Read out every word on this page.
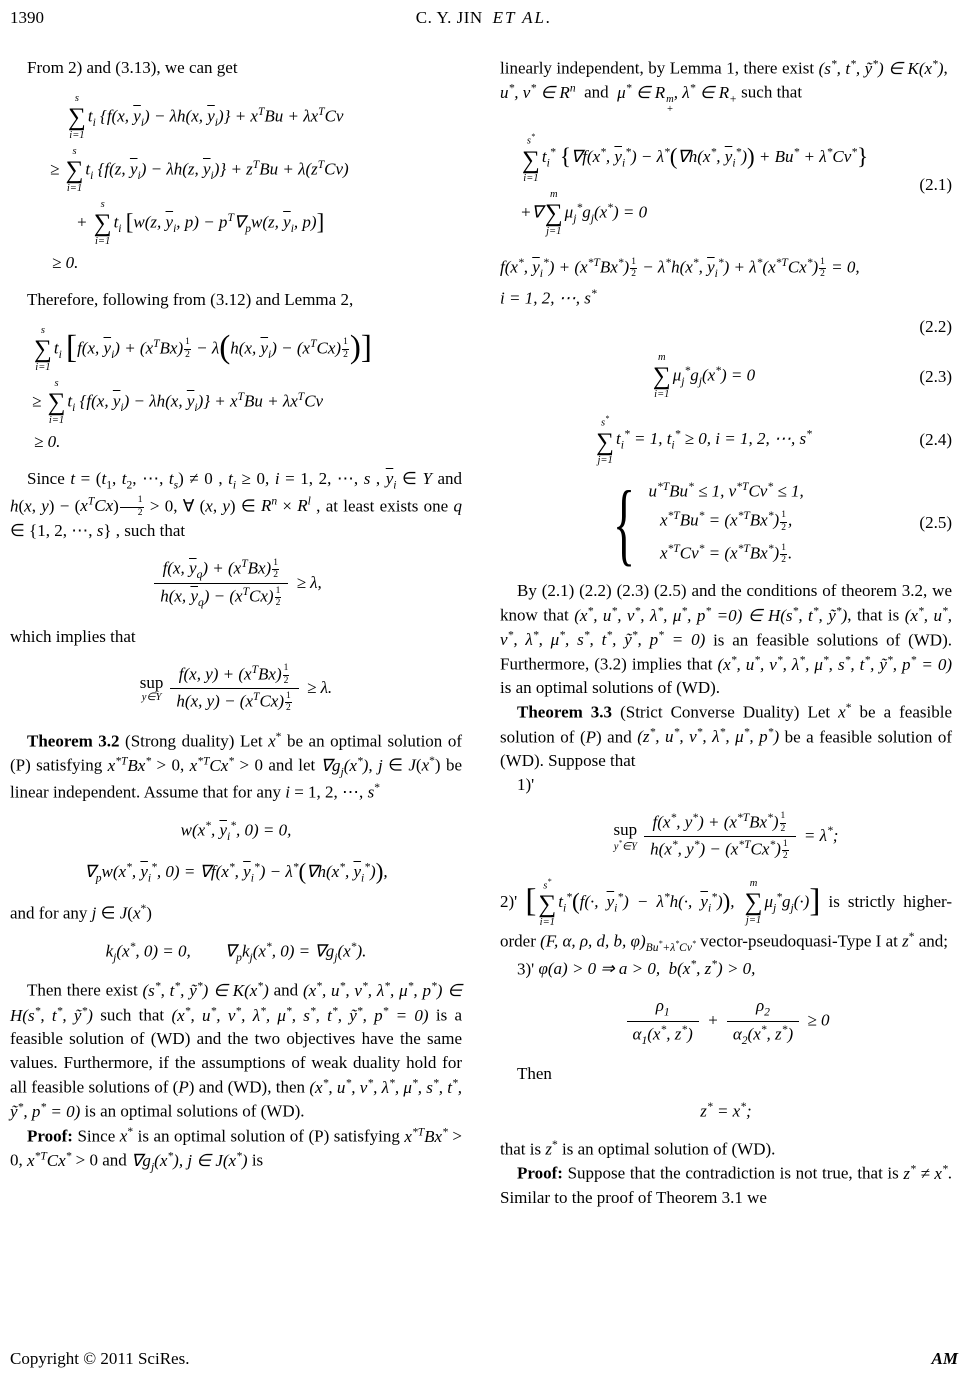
1390	C. Y. JIN ET AL.

From 2) and (3.13), we can get

s
∑
i=1
$t_i$ {f(x, $\overline{y}_i) - \lambda h(x$, $\overline{y}_i)\} + x^TBu + \lambda x^TCv$
≥
s
∑
i=1
$t_i$ {f(z, $\overline{y}_i) - \lambda h(z$, $\overline{y}_i)\} + z^TBu + \lambda(z^TCv)$
+
s
∑
i=1
$t_i$ [w(z, $\overline{y}_i$, $p) - p^T\nabla_pw(z$, $\overline{y}_i$, p)]
≥ 0.

Therefore, following from (3.12) and Lemma 2,

s
∑
i=1
$t_i$ [f(x, $\overline{y}_i) + (x^TBx) \frac{1}{2} - \lambda(h(x$, $\overline{y}_i) - (x^TCx) \frac{1}{2}$ )]
≥
s
∑
i=1
$t_i$ {f(x, $\overline{y}_i) - \lambda h(x$, $\overline{y}_i)\} + x^TBu + \lambda x^TCv$
≥ 0.

Since $t = (t_1$, $t_2$, ⋯, $t_s) \ne 0$ , $t_i \ge 0$, i = 1, 2, ⋯, s , $\overline{y}_i$ ∈ Y and h(x, $y) - (x^TCx) \frac{1}{2} > 0$, ∀ (x, y) ∈ $R^n \times R^l$ , at least exists one q ∈ {1, 2, ⋯, s} , such that

$\frac{f(x, \overline{y}_q) + (x^TBx) \frac{1}{2}}{h(x, \overline{y}_q) - (x^TCx) \frac{1}{2}} \ge \lambda$,

which implies that

sup
y∈Y $\frac{f(x, y) + (x^TBx) \frac{1}{2}}{h(x, y) - (x^TCx) \frac{1}{2}} \ge \lambda$.

Theorem 3.2 (Strong duality) Let x* be an optimal solution of (P) satisfying $x^{*T}Bx^* > 0$, $x^{*T}Cx^* > 0$ and let $\nabla g_j(x^*)$, j ∈ J(x*) be linear independent. Assume that for any i = 1, 2, ⋯, s*

w(x*, $\overline{y}_i^*$, 0) = 0,
$\nabla_pw(x^*$, $\overline{y}_i^*$, 0) = ∇f(x*, $\overline{y}_i^*) - \lambda^*(\nabla h(x^*$, $\overline{y}_i^*$)),

and for any j ∈ J(x*)

$k_j(x^*$, 0) = 0,  $\nabla_pk_j(x^*$, $0) = \nabla g_j(x^*)$.

Then there exist (s*, t*, ỹ*) ∈ K(x*) and (x*, u*, v*, λ*, μ*, p*) ∈ H(s*, t*, ỹ*) such that (x*, u*, v*, λ*, μ*, s*, t*, ỹ*, p* = 0) is a feasible solution of (WD) and the two objectives have the same values. Furthermore, if the assumptions of weak duality hold for all feasible solutions of (P) and (WD), then (x*, u*, v*, λ*, μ*, s*, t*, ỹ*, p* = 0) is an optimal solutions of (WD).

Proof: Since x* is an optimal solution of (P) satisfying $x^{*T}Bx^* > 0$, $x^{*T}Cx^* > 0$ and $\nabla g_j(x^*)$, j ∈ J(x*) is

linearly independent, by Lemma 1, there exist (s*, t*, ỹ*) ∈ K(x*),  u*, v* ∈ $R^n$  and  μ* ∈ R m
+
, λ* ∈ $R_+$ such that

s*
∑
i=1
$t_i^*$ {∇f(x*, $\overline{y}_i^*) - \lambda^*(\nabla h(x^*$, $\overline{y}_i^*)) + Bu^* + \lambda^*Cv^*$}
+∇
m
∑
j=1
$\mu_j^*g_j(x^*) = 0$
(2.1)
f(x*, $\overline{y}_i^*) + (x^{*T}Bx^*) \frac{1}{2} - \lambda^*h(x^*$, $\overline{y}_i^*) + \lambda^*(x^{*T}Cx^*) \frac{1}{2} = 0$,
i = 1, 2, ⋯, s*
(2.2)
m
∑
i=1
$\mu_j^*g_j(x^*) = 0$	(2.3)
s*
∑
j=1
$t_i^* = 1$, $t_i^* \ge 0$, i = 1, 2, ⋯, s*	(2.4)
{ $u^{*T}Bu^* \le 1$, $v^{*T}Cv^* \le 1$,
$x^{*T}Bu^* = (x^{*T}Bx^*) \frac{1}{2}$ ,
$x^{*T}Cv^* = (x^{*T}Bx^*) \frac{1}{2}$ .
(2.5)

By (2.1) (2.2) (2.3) (2.5) and the conditions of theorem 3.2, we know that (x*, u*, v*, λ*, μ*, p* =0) ∈ H(s*, t*, ỹ*), that is (x*, u*, v*, λ*, μ*, s*, t*, ỹ*, p* = 0) is an feasible solutions of (WD). Furthermore, (3.2) implies that (x*, u*, v*, λ*, μ*, s*, t*, ỹ*, p* = 0) is an optimal solutions of (WD).

Theorem 3.3 (Strict Converse Duality) Let x* be a feasible solution of (P) and (z*, u*, v*, λ*, μ*, p*) be a feasible solution of (WD). Suppose that

1)'

sup
y*∈Y $\frac{f(x^*, y^*) + (x^{*T}Bx^*) \frac{1}{2}}{h(x^*, y^*) - (x^{*T}Cx^*) \frac{1}{2}} = \lambda^*$;

2)' [ s*
∑
i=1
$t_i^*(f(\cdot$, $\overline{y}_i^*) - \lambda^*h(\cdot$, $\overline{y}_i^*$)),
m
∑
j=1
$\mu_j^*g_j(\cdot)$] is strictly higher-order (F, α, ρ, d, b, $\varphi)_{Bu^*+\lambda^*Cv^*}$ vector-pseudoquasi-Type I at z* and;

3)' φ(a) > 0 ⇒ a > 0, b(x*, z*) > 0,

$\frac{\rho_1}{\alpha_1(x^*, z^*)} + \frac{\rho_2}{\alpha_2(x^*, z^*)} \ge 0$

Then

z* = x*;

that is z* is an optimal solution of (WD).

Proof: Suppose that the contradiction is not true, that is z* ≠ x*. Similar to the proof of Theorem 3.1 we

Copyright © 2011 SciRes.	AM
